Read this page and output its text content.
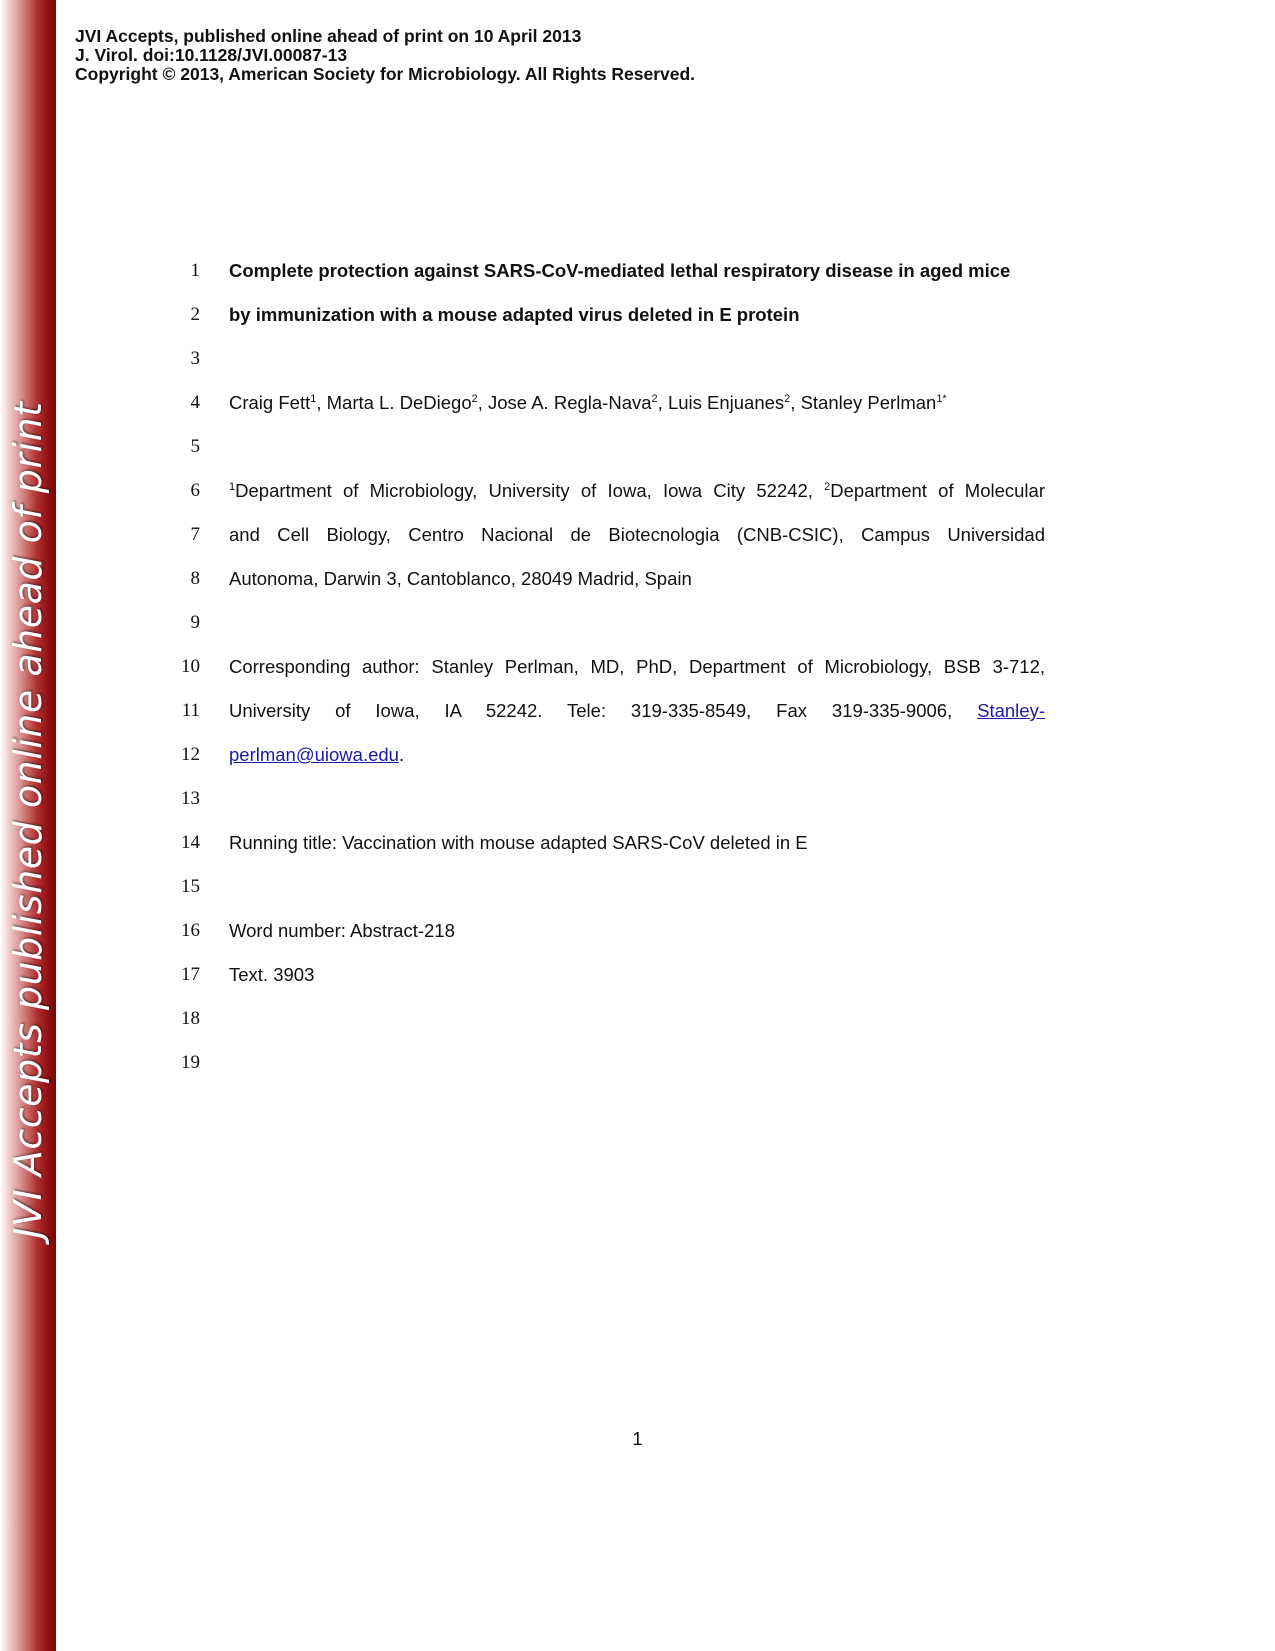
JVI Accepts published online ahead of print
JVI Accepts, published online ahead of print on 10 April 2013
J. Virol. doi:10.1128/JVI.00087-13
Copyright © 2013, American Society for Microbiology. All Rights Reserved.
1 Complete protection against SARS-CoV-mediated lethal respiratory disease in aged mice
2 by immunization with a mouse adapted virus deleted in E protein
3
4 Craig Fett$^1$, Marta L. DeDiego$^2$, Jose A. Regla-Nava$^2$, Luis Enjuanes$^2$, Stanley Perlman$^{1*}$
5
6	$^1$Department of Microbiology, University of Iowa, Iowa City 52242, $^2$Department of Molecular
7 and Cell Biology, Centro Nacional de Biotecnologia (CNB-CSIC), Campus Universidad
8 Autonoma, Darwin 3, Cantoblanco, 28049 Madrid, Spain
9
10 Corresponding author: Stanley Perlman, MD, PhD, Department of Microbiology, BSB 3-712,
11 University of Iowa, IA 52242. Tele: 319-335-8549, Fax 319-335-9006, Stanley-
12 perlman@uiowa.edu.
13
14 Running title: Vaccination with mouse adapted SARS-CoV deleted in E
15
16 Word number: Abstract-218
17 Text. 3903
18
19
1
